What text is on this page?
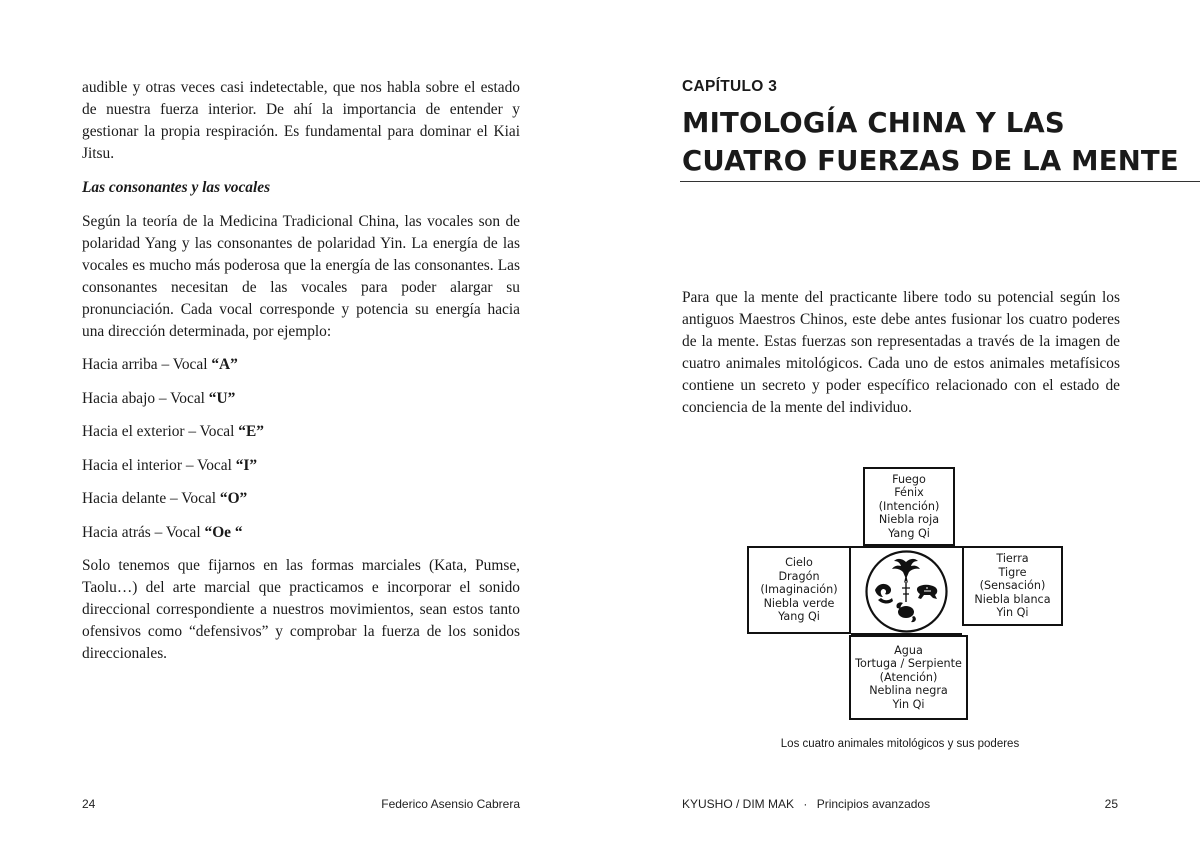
audible y otras veces casi indetectable, que nos habla sobre el estado de nuestra fuerza interior. De ahí la importancia de entender y gestionar la propia respiración. Es fundamental para dominar el Kiai Jitsu.

Las consonantes y las vocales

Según la teoría de la Medicina Tradicional China, las vocales son de polaridad Yang y las consonantes de polaridad Yin. La energía de las vocales es mucho más poderosa que la energía de las consonantes. Las consonantes necesitan de las vocales para poder alargar su pronunciación. Cada vocal corresponde y potencia su energía hacia una dirección determinada, por ejemplo:

Hacia arriba – Vocal “A”
Hacia abajo – Vocal “U”
Hacia el exterior – Vocal “E”
Hacia el interior – Vocal “I”
Hacia delante – Vocal “O”
Hacia atrás – Vocal “Oe “

Solo tenemos que fijarnos en las formas marciales (Kata, Pumse, Taolu…) del arte marcial que practicamos e incorporar el sonido direccional correspondiente a nuestros movimientos, sean estos tanto ofensivos como “defensivos” y comprobar la fuerza de los sonidos direccionales.

24	Federico Asensio Cabrera
CAPÍTULO 3
MITOLOGÍA CHINA Y LAS CUATRO FUERZAS DE LA MENTE

Para que la mente del practicante libere todo su potencial según los antiguos Maestros Chinos, este debe antes fusionar los cuatro poderes de la mente. Estas fuerzas son representadas a través de la imagen de cuatro animales mitológicos. Cada uno de estos animales metafísicos contiene un secreto y poder específico relacionado con el estado de conciencia de la mente del individuo.

Fuego
Fénix
(Intención)
Niebla roja
Yang Qi
Cielo
Dragón
(Imaginación)
Niebla verde
Yang Qi
Tierra
Tigre
(Sensación)
Niebla blanca
Yin Qi
Agua
Tortuga / Serpiente
(Atención)
Neblina negra
Yin Qi
Los cuatro animales mitológicos y sus poderes
KYUSHO / DIM MAK · Principios avanzados	25
